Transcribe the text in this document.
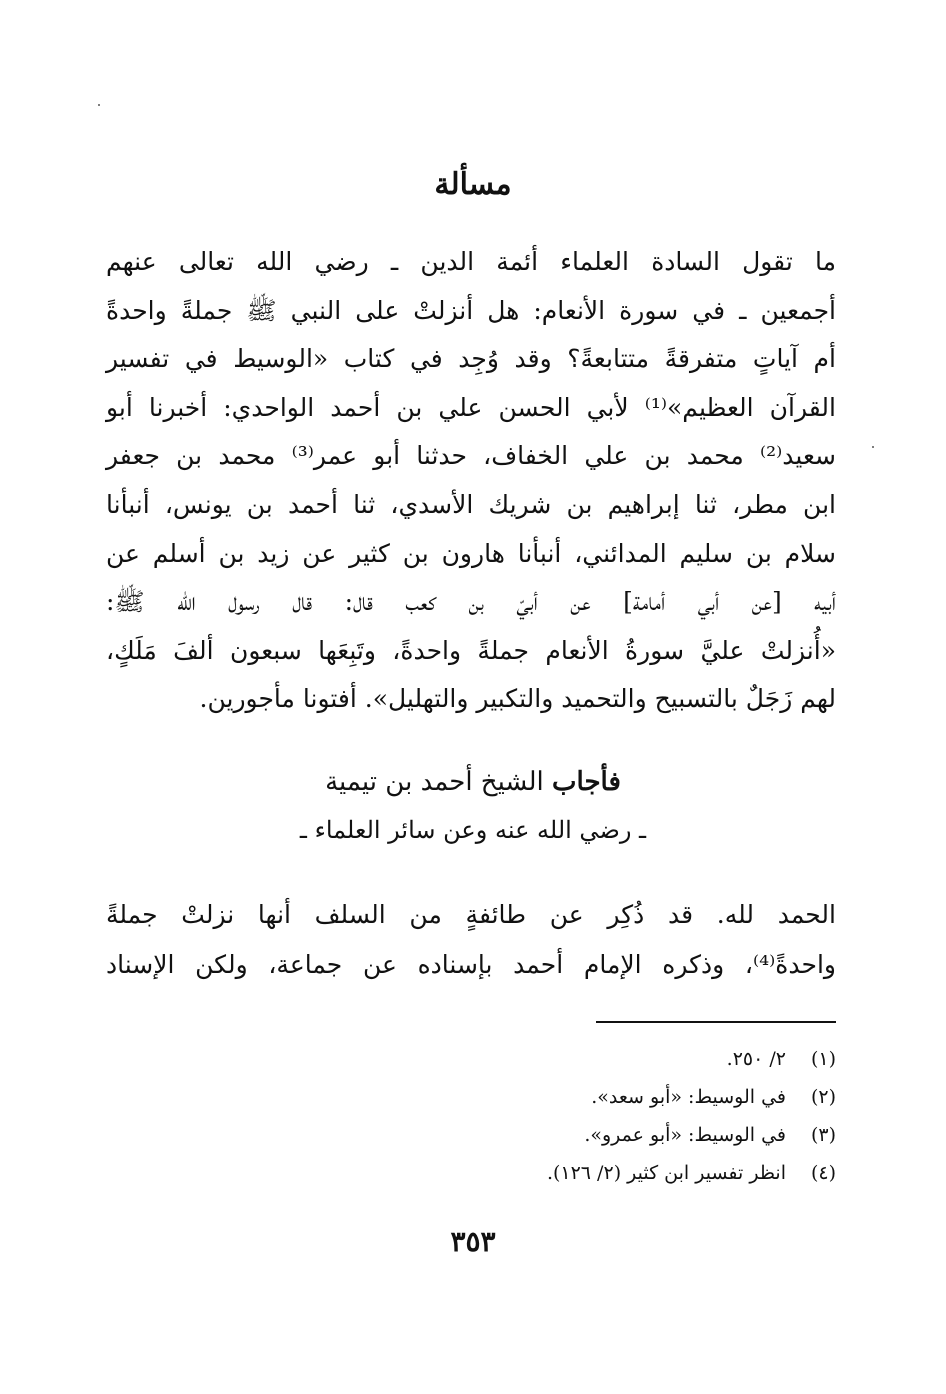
مسألة
ما تقول السادة العلماء أئمة الدين ـ رضي الله تعالى عنهم
أجمعين ـ في سورة الأنعام: هل أنزلتْ على النبي ﷺ جملةً واحدةً
أم آياتٍ متفرقةً متتابعةً؟ وقد وُجِد في كتاب «الوسيط في تفسير
القرآن العظيم»⁽¹⁾ لأبي الحسن علي بن أحمد الواحدي: أخبرنا أبو
سعيد⁽²⁾ محمد بن علي الخفاف، حدثنا أبو عمر⁽³⁾ محمد بن جعفر
ابن مطر، ثنا إبراهيم بن شريك الأسدي، ثنا أحمد بن يونس، أنبأنا
سلام بن سليم المدائني، أنبأنا هارون بن كثير عن زيد بن أسلم عن
أبيه [عن أبي أمامة] عن أبيّ بن كعب قال: قال رسول الله ﷺ:
«أُنزلتْ عليَّ سورةُ الأنعام جملةً واحدةً، وتَبِعَها سبعون ألفَ مَلَكٍ،
لهم زَجَلٌ بالتسبيح والتحميد والتكبير والتهليل». أفتونا مأجورين.
فأجاب الشيخ أحمد بن تيمية
ـ رضي الله عنه وعن سائر العلماء ـ
الحمد لله. قد ذُكِر عن طائفةٍ من السلف أنها نزلتْ جملةً
واحدةً⁽⁴⁾، وذكره الإمام أحمد بإسناده عن جماعة، ولكن الإسناد
(١)
٢/ ٢٥٠.
(٢)
في الوسيط: «أبو سعد».
(٣)
في الوسيط: «أبو عمرو».
(٤)
انظر تفسير ابن كثير (٢/ ١٢٦).
٣٥٣
